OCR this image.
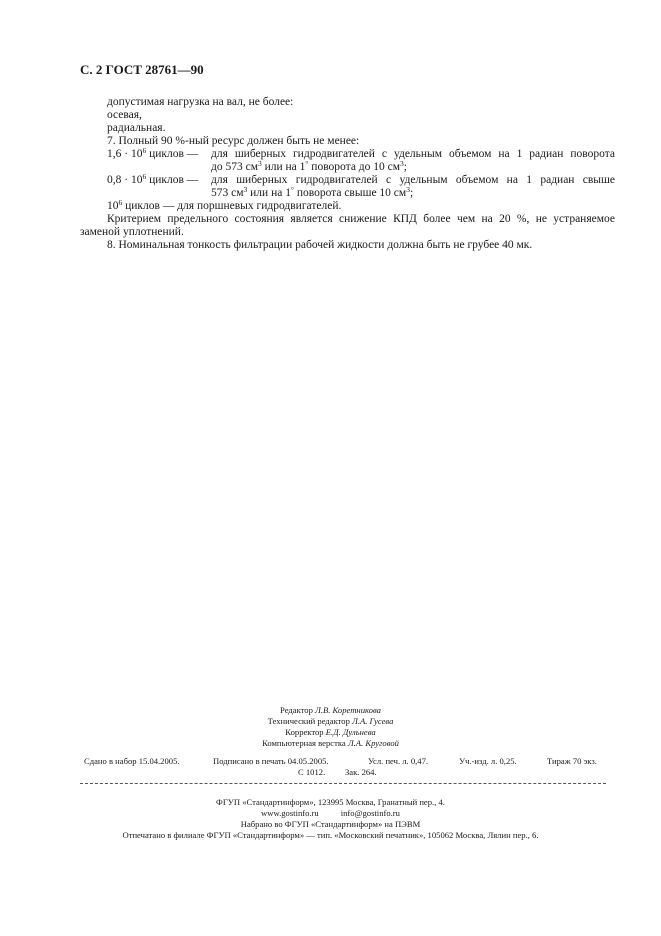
С. 2 ГОСТ 28761—90
допустимая нагрузка на вал, не более:
осевая,
радиальная.
7. Полный 90 %-ный ресурс должен быть не менее:
$1,6 \cdot 10^6$ циклов — для шиберных гидродвигателей с удельным объемом на 1 радиан поворота
до 573 $см^3$ или на 1° поворота до 10 $см^3$;
$0,8 \cdot 10^6$ циклов — для шиберных гидродвигателей с удельным объемом на 1 радиан свыше
573 $см^3$ или на 1° поворота свыше 10 $см^3$;
$10^6$ циклов — для поршневых гидродвигателей.
Критерием предельного состояния является снижение КПД более чем на 20 %, не устраняемое
заменой уплотнений.
8. Номинальная тонкость фильтрации рабочей жидкости должна быть не грубее 40 мк.
Редактор Л.В. Коретникова
Технический редактор Л.А. Гусева
Корректор Е.Д. Дульнева
Компьютерная верстка Л.А. Круговой
Сдано в набор 15.04.2005.	Подписано в печать 04.05.2005.	Усл. печ. л. 0,47.	Уч.-изд. л. 0,25.	Тираж 70 экз.
С 1012. Зак. 264.
ФГУП «Стандартинформ», 123995 Москва, Гранатный пер., 4.
www.gostinfo.ru	info@gostinfo.ru
Набрано во ФГУП «Стандартинформ» на ПЭВМ
Отпечатано в филиале ФГУП «Стандартинформ» — тип. «Московский печатник», 105062 Москва, Лялин пер., 6.
